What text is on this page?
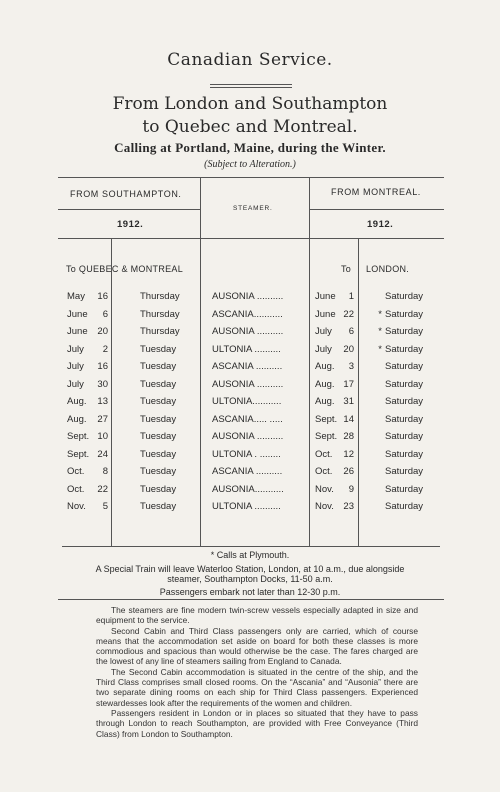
Canadian Service.
From London and Southampton
to Quebec and Montreal.
Calling at Portland, Maine, during the Winter.
(Subject to Alteration.)
FROM SOUTHAMPTON.	FROM MONTREAL.
STEAMER.
1912.	1912.
To QUEBEC & MONTREAL	To LONDON.
May	16	Thursday	AUSONIA ..........	June	1	Saturday
June	6	Thursday	ASCANIA...........	June 22	* Saturday
June	20	Thursday	AUSONIA ..........	July	6	* Saturday
July	2	Tuesday	ULTONIA ..........	July	20	* Saturday
July	16	Tuesday	ASCANIA ..........	Aug.	3	Saturday
July	30	Tuesday	AUSONIA ..........	Aug. 17	Saturday
Aug.	13	Tuesday	ULTONIA...........	Aug. 31	Saturday
Aug.	27	Tuesday	ASCANIA..... .....	Sept. 14	Saturday
Sept. 10	Tuesday	AUSONIA ..........	Sept. 28	Saturday
Sept. 24	Tuesday	ULTONIA . ........	Oct.	12	Saturday
Oct.	8	Tuesday	ASCANIA ..........	Oct.	26	Saturday
Oct.	22	Tuesday	AUSONIA...........	Nov.	9	Saturday
Nov.	5	Tuesday	ULTONIA ..........	Nov.	23	Saturday
* Calls at Plymouth.
A Special Train will leave Waterloo Station, London, at 10 a.m., due alongside
steamer, Southampton Docks, 11-50 a.m.
Passengers embark not later than 12-30 p.m.

The steamers are fine modern twin-screw vessels especially adapted in size and equipment to the service.

Second Cabin and Third Class passengers only are carried, which of course means that the accommodation set aside on board for both these classes is more commodious and spacious than would otherwise be the case. The fares charged are the lowest of any line of steamers sailing from England to Canada.

The Second Cabin accommodation is situated in the centre of the ship, and the Third Class comprises small closed rooms. On the “Ascania” and “Ausonia” there are two separate dining rooms on each ship for Third Class passengers. Experienced stewardesses look after the requirements of the women and children.

Passengers resident in London or in places so situated that they have to pass through London to reach Southampton, are provided with Free Conveyance (Third Class) from London to Southampton.
